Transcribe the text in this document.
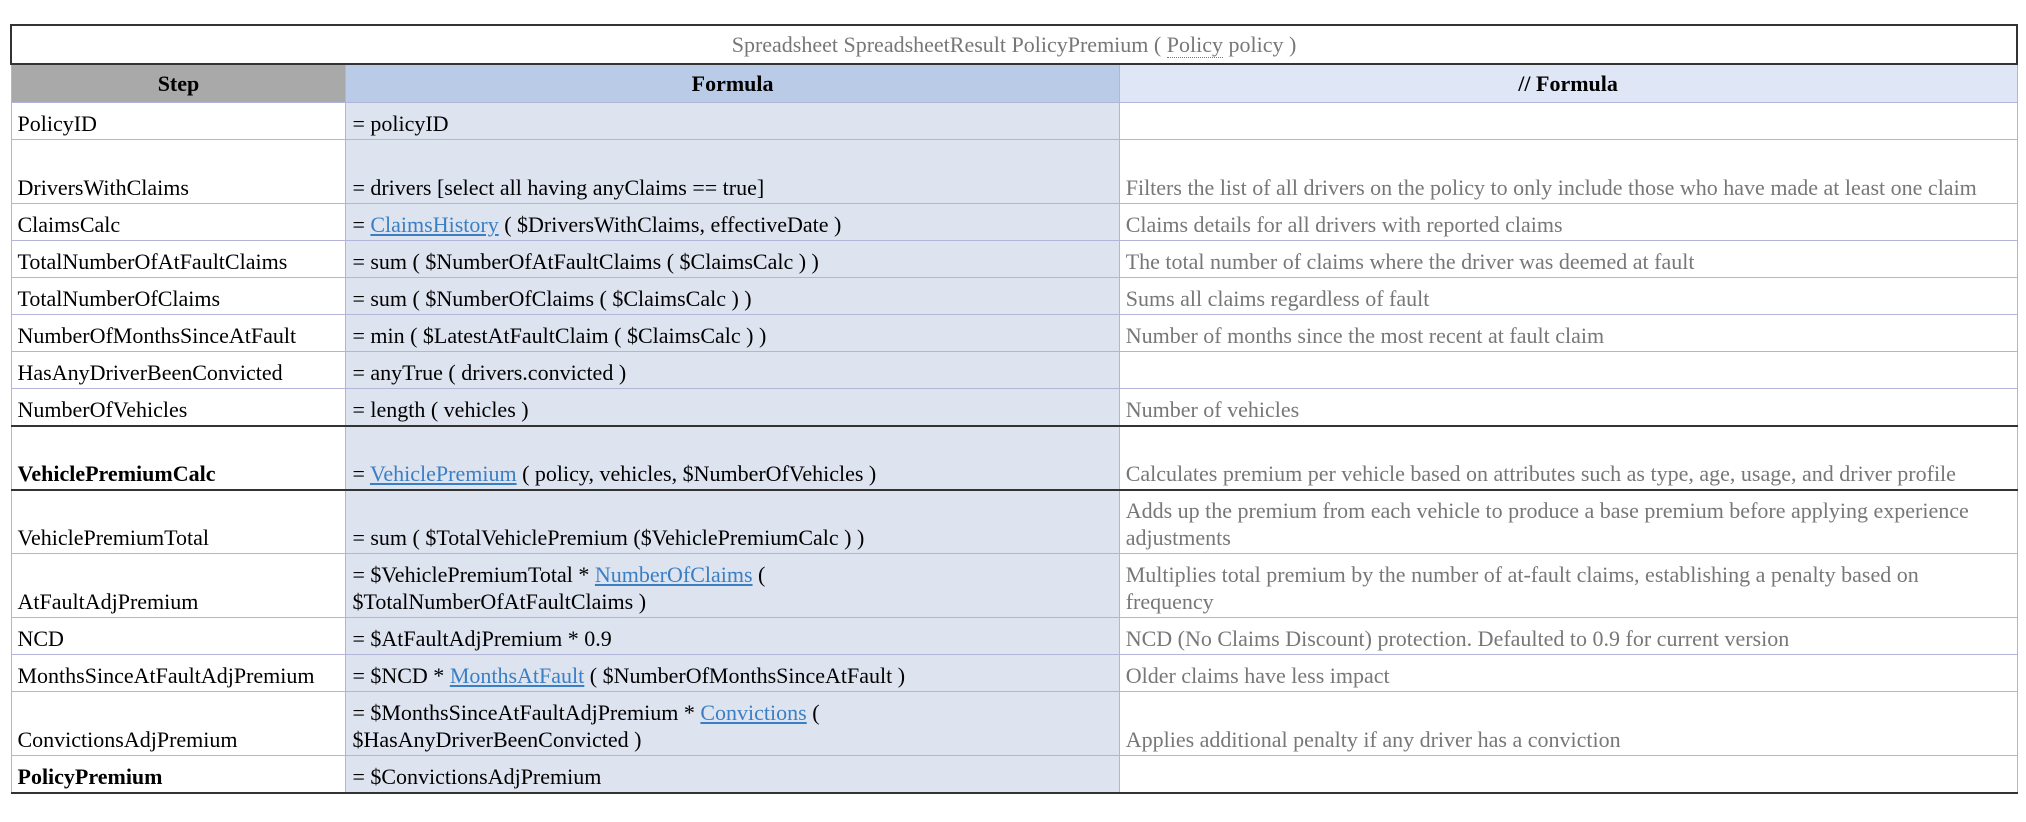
Spreadsheet SpreadsheetResult PolicyPremium ( Policy policy )		
Step	Formula	// Formula
PolicyID	= policyID	
DriversWithClaims	= drivers [select all having anyClaims == true]	Filters the list of all drivers on the policy to only include those who have made at least one claim
ClaimsCalc	= ClaimsHistory ( $DriversWithClaims, effectiveDate )	Claims details for all drivers with reported claims
TotalNumberOfAtFaultClaims	= sum ( $NumberOfAtFaultClaims ( $ClaimsCalc ) )	The total number of claims where the driver was deemed at fault
TotalNumberOfClaims	= sum ( $NumberOfClaims ( $ClaimsCalc ) )	Sums all claims regardless of fault
NumberOfMonthsSinceAtFault	= min ( $LatestAtFaultClaim ( $ClaimsCalc ) )	Number of months since the most recent at fault claim
HasAnyDriverBeenConvicted	= anyTrue ( drivers.convicted )	
NumberOfVehicles	= length ( vehicles )	Number of vehicles
VehiclePremiumCalc	= VehiclePremium ( policy, vehicles, $NumberOfVehicles )	Calculates premium per vehicle based on attributes such as type, age, usage, and driver profile
VehiclePremiumTotal	= sum ( $TotalVehiclePremium ($VehiclePremiumCalc ) )	Adds up the premium from each vehicle to produce a base premium before applying experience adjustments
AtFaultAdjPremium	= $VehiclePremiumTotal * NumberOfClaims (
$TotalNumberOfAtFaultClaims )	Multiplies total premium by the number of at-fault claims, establishing a penalty based on frequency
NCD	= $AtFaultAdjPremium * 0.9	NCD (No Claims Discount) protection. Defaulted to 0.9 for current version
MonthsSinceAtFaultAdjPremium	= $NCD * MonthsAtFault ( $NumberOfMonthsSinceAtFault )	Older claims have less impact
ConvictionsAdjPremium	= $MonthsSinceAtFaultAdjPremium * Convictions (
$HasAnyDriverBeenConvicted )	Applies additional penalty if any driver has a conviction
PolicyPremium	= $ConvictionsAdjPremium	
